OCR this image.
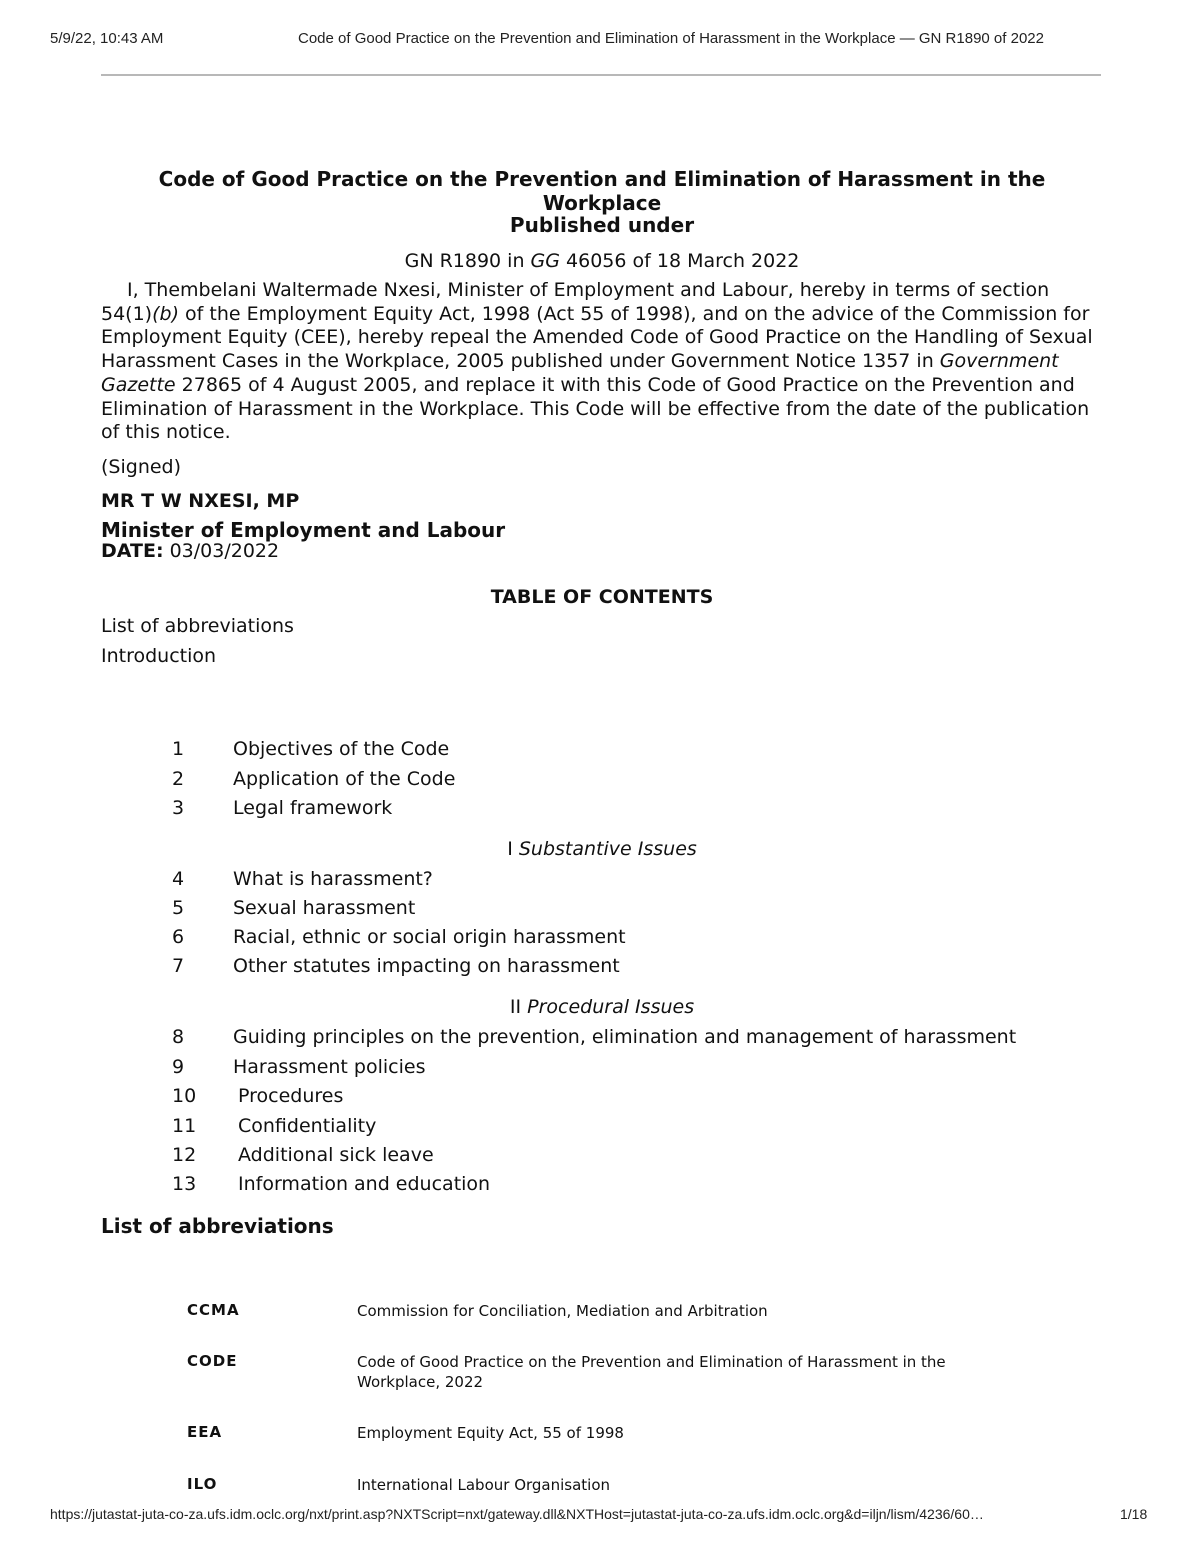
5/9/22, 10:43 AM	Code of Good Practice on the Prevention and Elimination of Harassment in the Workplace — GN R1890 of 2022
Code of Good Practice on the Prevention and Elimination of Harassment in the Workplace
Published under
GN R1890 in GG 46056 of 18 March 2022
I, Thembelani Waltermade Nxesi, Minister of Employment and Labour, hereby in terms of section 54(1)(b) of the Employment Equity Act, 1998 (Act 55 of 1998), and on the advice of the Commission for Employment Equity (CEE), hereby repeal the Amended Code of Good Practice on the Handling of Sexual Harassment Cases in the Workplace, 2005 published under Government Notice 1357 in Government Gazette 27865 of 4 August 2005, and replace it with this Code of Good Practice on the Prevention and Elimination of Harassment in the Workplace. This Code will be effective from the date of the publication of this notice.
(Signed)
MR T W NXESI, MP
Minister of Employment and Labour
DATE: 03/03/2022
TABLE OF CONTENTS
List of abbreviations
Introduction
1	Objectives of the Code
2	Application of the Code
3	Legal framework
I Substantive Issues
4	What is harassment?
5	Sexual harassment
6	Racial, ethnic or social origin harassment
7	Other statutes impacting on harassment
II Procedural Issues
8	Guiding principles on the prevention, elimination and management of harassment
9	Harassment policies
10 Procedures
11 Confidentiality
12 Additional sick leave
13 Information and education
List of abbreviations
CCMA	Commission for Conciliation, Mediation and Arbitration
CODE	Code of Good Practice on the Prevention and Elimination of Harassment in the Workplace, 2022
EEA	Employment Equity Act, 55 of 1998
ILO	International Labour Organisation
https://jutastat-juta-co-za.ufs.idm.oclc.org/nxt/print.asp?NXTScript=nxt/gateway.dll&NXTHost=jutastat-juta-co-za.ufs.idm.oclc.org&d=iljn/lism/4236/60…	1/18
